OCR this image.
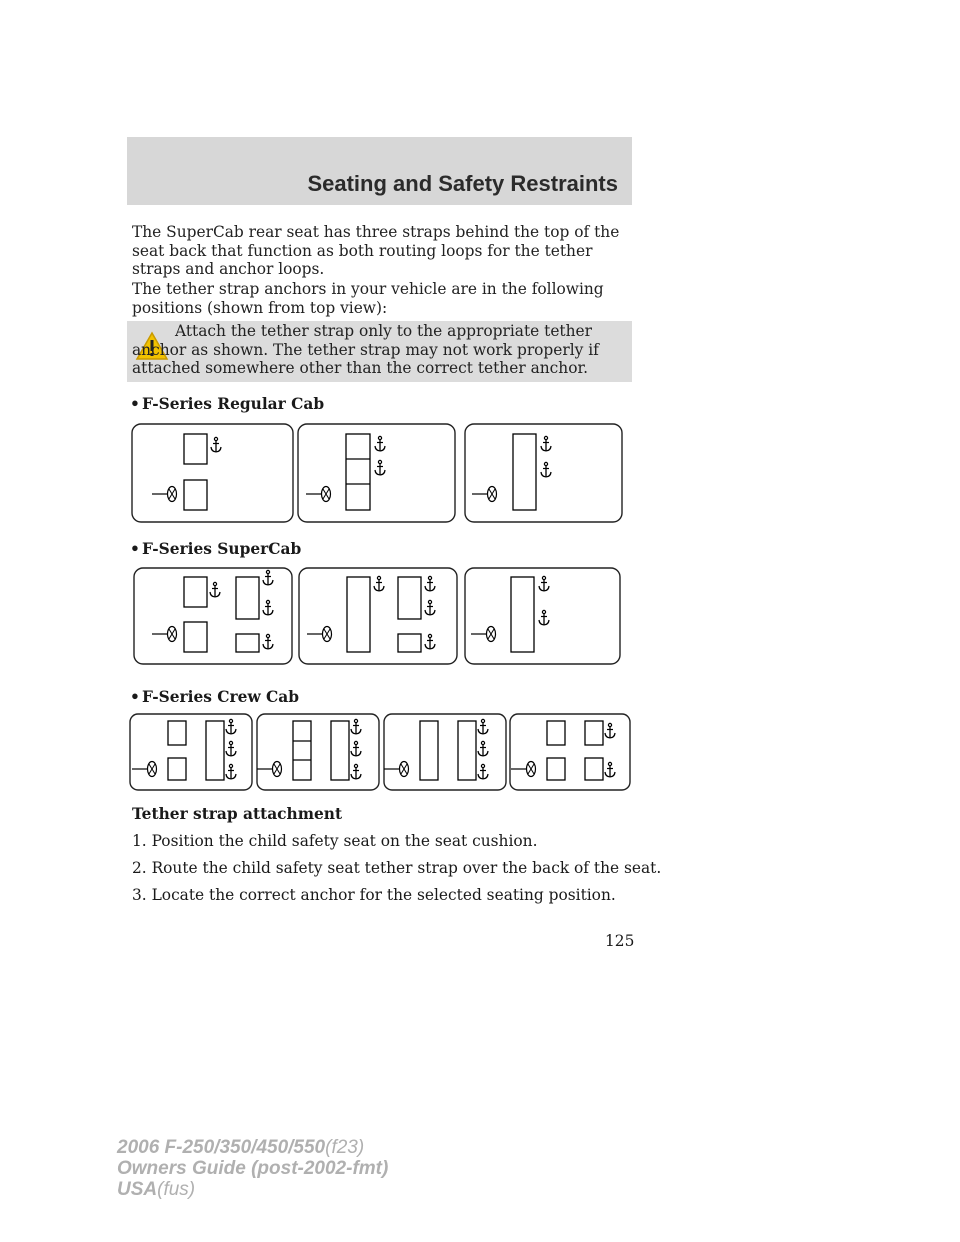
Seating and Safety Restraints

The SuperCab rear seat has three straps behind the top of the seat back that function as both routing loops for the tether straps and anchor loops.

The tether strap anchors in your vehicle are in the following positions (shown from top view):

Attach the tether strap only to the appropriate tether anchor as shown. The tether strap may not work properly if attached somewhere other than the correct tether anchor.

• F-Series Regular Cab

• F-Series SuperCab

• F-Series Crew Cab

Tether strap attachment

1. Position the child safety seat on the seat cushion.

2. Route the child safety seat tether strap over the back of the seat.

3. Locate the correct anchor for the selected seating position.

125

2006 F-250/350/450/550(f23)
Owners Guide (post-2002-fmt)
USA(fus)
